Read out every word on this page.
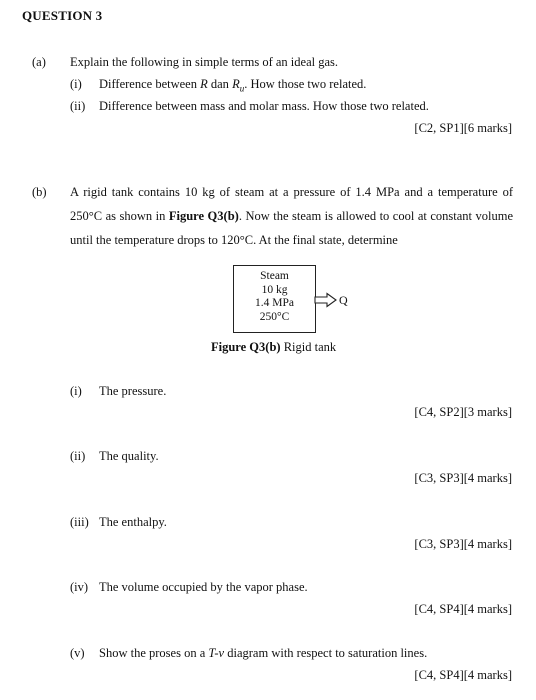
QUESTION 3
(a) Explain the following in simple terms of an ideal gas.
(i) Difference between R dan $R_u$. How those two related.
(ii) Difference between mass and molar mass. How those two related.
[C2, SP1][6 marks]
(b) A rigid tank contains 10 kg of steam at a pressure of 1.4 MPa and a temperature of 250°C as shown in Figure Q3(b). Now the steam is allowed to cool at constant volume until the temperature drops to 120°C. At the final state, determine
Steam
10 kg
1.4 MPa
250°C
Q
Figure Q3(b) Rigid tank
(i) The pressure.
[C4, SP2][3 marks]
(ii) The quality.
[C3, SP3][4 marks]
(iii) The enthalpy.
[C3, SP3][4 marks]
(iv) The volume occupied by the vapor phase.
[C4, SP4][4 marks]
(v) Show the proses on a T-v diagram with respect to saturation lines.
[C4, SP4][4 marks]
